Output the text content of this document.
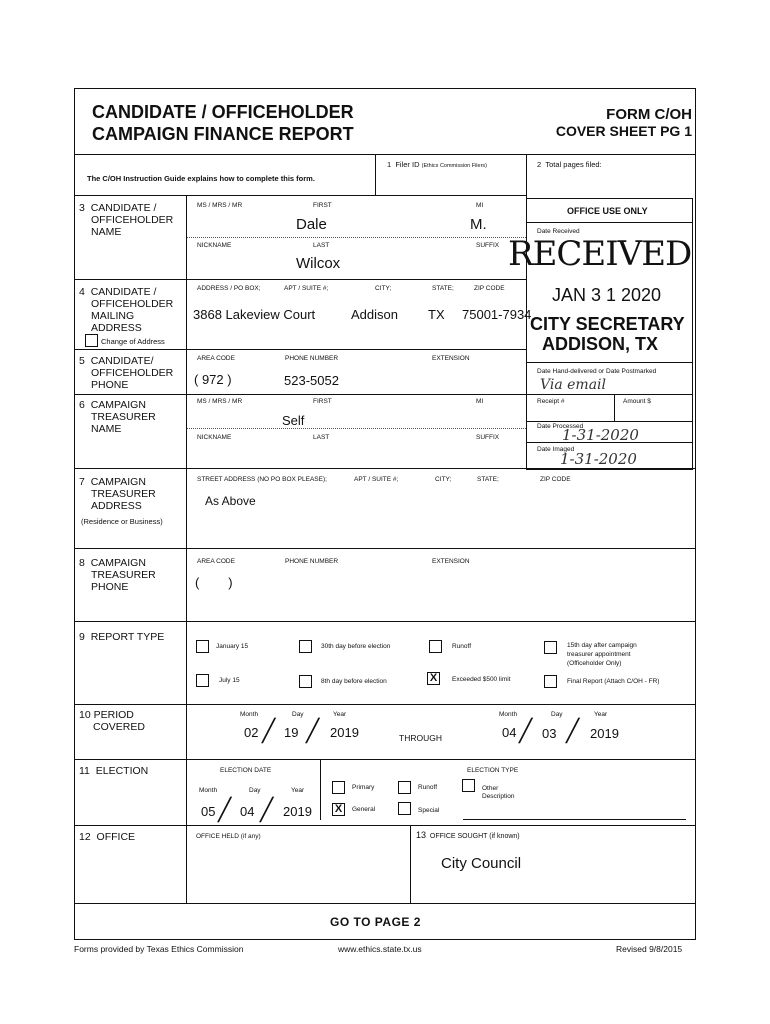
CANDIDATE / OFFICEHOLDER
CAMPAIGN FINANCE REPORT
FORM C/OH
COVER SHEET PG 1
The C/OH Instruction Guide explains how to complete this form.
1 Filer ID (Ethics Commission Filers)	2 Total pages filed:
OFFICE USE ONLY
Date Received
RECEIVED
JAN 3 1 2020
CITY SECRETARY
ADDISON, TX
Date Hand-delivered or Date Postmarked
Via email
Receipt #	Amount $
Date Processed
1-31-2020
Date Imaged
1-31-2020
3 CANDIDATE /
OFFICEHOLDER
NAME
MS / MRS / MR	FIRST	MI
Dale	M.
NICKNAME	LAST	SUFFIX
Wilcox
4 CANDIDATE /
OFFICEHOLDER
MAILING
ADDRESS
Change of Address
ADDRESS / PO BOX;	APT / SUITE #;	CITY;	STATE;	ZIP CODE
3868 Lakeview Court	Addison TX 75001-7934
5 CANDIDATE/
OFFICEHOLDER
PHONE
AREA CODE	PHONE NUMBER	EXTENSION
( 972 )	523-5052
6 CAMPAIGN
TREASURER
NAME
MS / MRS / MR	FIRST	MI
Self
NICKNAME	LAST	SUFFIX
7 CAMPAIGN
TREASURER
ADDRESS
(Residence or Business)
STREET ADDRESS (NO PO BOX PLEASE);	APT / SUITE #;	CITY;	STATE;	ZIP CODE
As Above
8 CAMPAIGN
TREASURER
PHONE
AREA CODE	PHONE NUMBER	EXTENSION
(        )
9 REPORT TYPE
January 15	30th day before election	Runoff	15th day after campaign
treasurer appointment
(Officeholder Only)
July 15	8th day before election	X	Exceeded $500 limit	Final Report (Attach C/OH - FR)
10 PERIOD
COVERED
Month	Day	Year	Month	Day	Year
02 ╱ 19 ╱ 2019	THROUGH	04 ╱ 03 ╱ 2019
11 ELECTION	ELECTION DATE	ELECTION TYPE
Month	Day	Year
05 ╱ 04 ╱ 2019
Primary	Runoff	Other
Description
X	General	Special
12 OFFICE	OFFICE HELD (if any)	13 OFFICE SOUGHT (if known)
City Council
GO TO PAGE 2
Forms provided by Texas Ethics Commission	www.ethics.state.tx.us	Revised 9/8/2015
